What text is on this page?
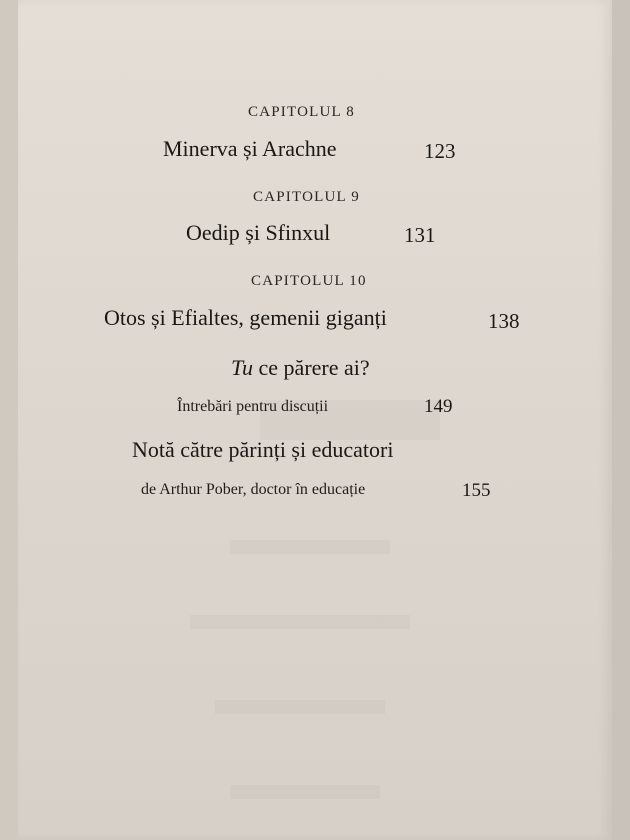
CAPITOLUL 8
Minerva și Arachne	123
CAPITOLUL 9
Oedip și Sfinxul	131
CAPITOLUL 10
Otos și Efialtes, gemenii giganți	138
Tu ce părere ai?
Întrebări pentru discuții	149
Notă către părinți și educatori
de Arthur Pober, doctor în educație	155
